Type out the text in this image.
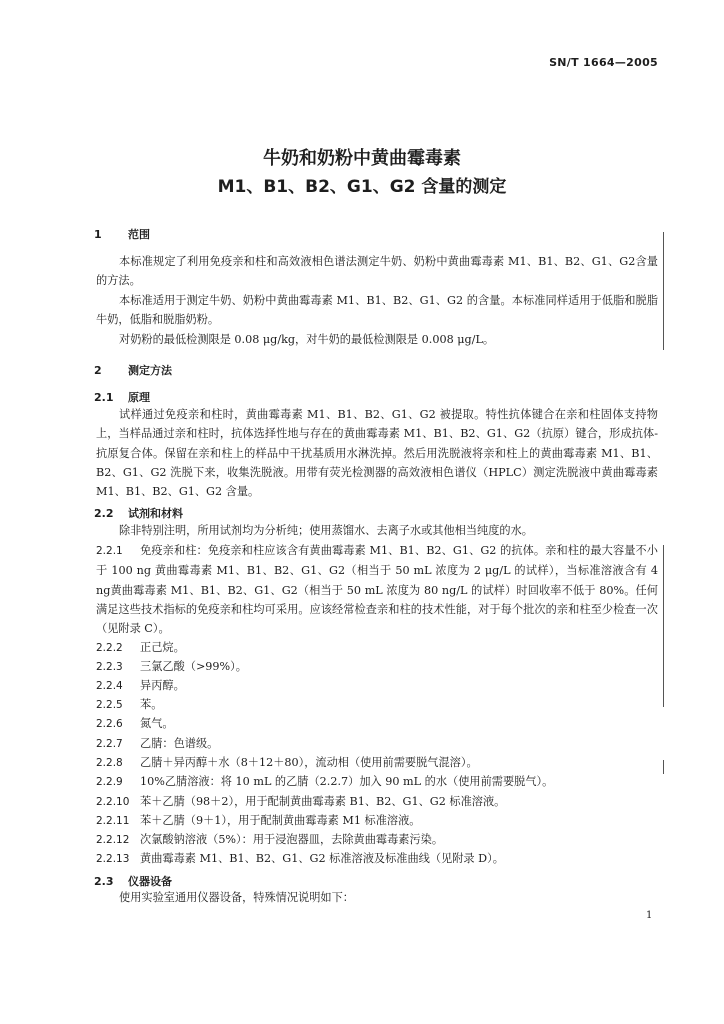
SN/T 1664—2005
牛奶和奶粉中黄曲霉毒素
M1、B1、B2、G1、G2 含量的测定
1 范围

本标准规定了利用免疫亲和柱和高效液相色谱法测定牛奶、奶粉中黄曲霉毒素 M1、B1、B2、G1、G2含量的方法。

本标准适用于测定牛奶、奶粉中黄曲霉毒素 M1、B1、B2、G1、G2 的含量。本标准同样适用于低脂和脱脂牛奶，低脂和脱脂奶粉。

对奶粉的最低检测限是 0.08 μg/kg，对牛奶的最低检测限是 0.008 μg/L。

2 测定方法
2.1 原理

试样通过免疫亲和柱时，黄曲霉毒素 M1、B1、B2、G1、G2 被提取。特性抗体键合在亲和柱固体支持物上，当样品通过亲和柱时，抗体选择性地与存在的黄曲霉毒素 M1、B1、B2、G1、G2（抗原）键合，形成抗体-抗原复合体。保留在亲和柱上的样品中干扰基质用水淋洗掉。然后用洗脱液将亲和柱上的黄曲霉毒素 M1、B1、B2、G1、G2 洗脱下来，收集洗脱液。用带有荧光检测器的高效液相色谱仪（HPLC）测定洗脱液中黄曲霉毒素 M1、B1、B2、G1、G2 含量。

2.2 试剂和材料

除非特别注明，所用试剂均为分析纯；使用蒸馏水、去离子水或其他相当纯度的水。

2.2.1 免疫亲和柱：免疫亲和柱应该含有黄曲霉毒素 M1、B1、B2、G1、G2 的抗体。亲和柱的最大容量不小于 100 ng 黄曲霉毒素 M1、B1、B2、G1、G2（相当于 50 mL 浓度为 2 μg/L 的试样），当标准溶液含有 4 ng黄曲霉毒素 M1、B1、B2、G1、G2（相当于 50 mL 浓度为 80 ng/L 的试样）时回收率不低于 80%。任何满足这些技术指标的免疫亲和柱均可采用。应该经常检查亲和柱的技术性能，对于每个批次的亲和柱至少检查一次（见附录 C）。

2.2.2 正己烷。

2.2.3 三氯乙酸（>99%）。

2.2.4 异丙醇。

2.2.5 苯。

2.2.6 氮气。

2.2.7 乙腈：色谱级。

2.2.8 乙腈＋异丙醇＋水（8＋12＋80），流动相（使用前需要脱气混溶）。

2.2.9 10%乙腈溶液：将 10 mL 的乙腈（2.2.7）加入 90 mL 的水（使用前需要脱气）。

2.2.10 苯＋乙腈（98＋2），用于配制黄曲霉毒素 B1、B2、G1、G2 标准溶液。

2.2.11 苯＋乙腈（9＋1），用于配制黄曲霉毒素 M1 标准溶液。

2.2.12 次氯酸钠溶液（5%）：用于浸泡器皿，去除黄曲霉毒素污染。

2.2.13 黄曲霉毒素 M1、B1、B2、G1、G2 标准溶液及标准曲线（见附录 D）。

2.3 仪器设备

使用实验室通用仪器设备，特殊情况说明如下：

1
